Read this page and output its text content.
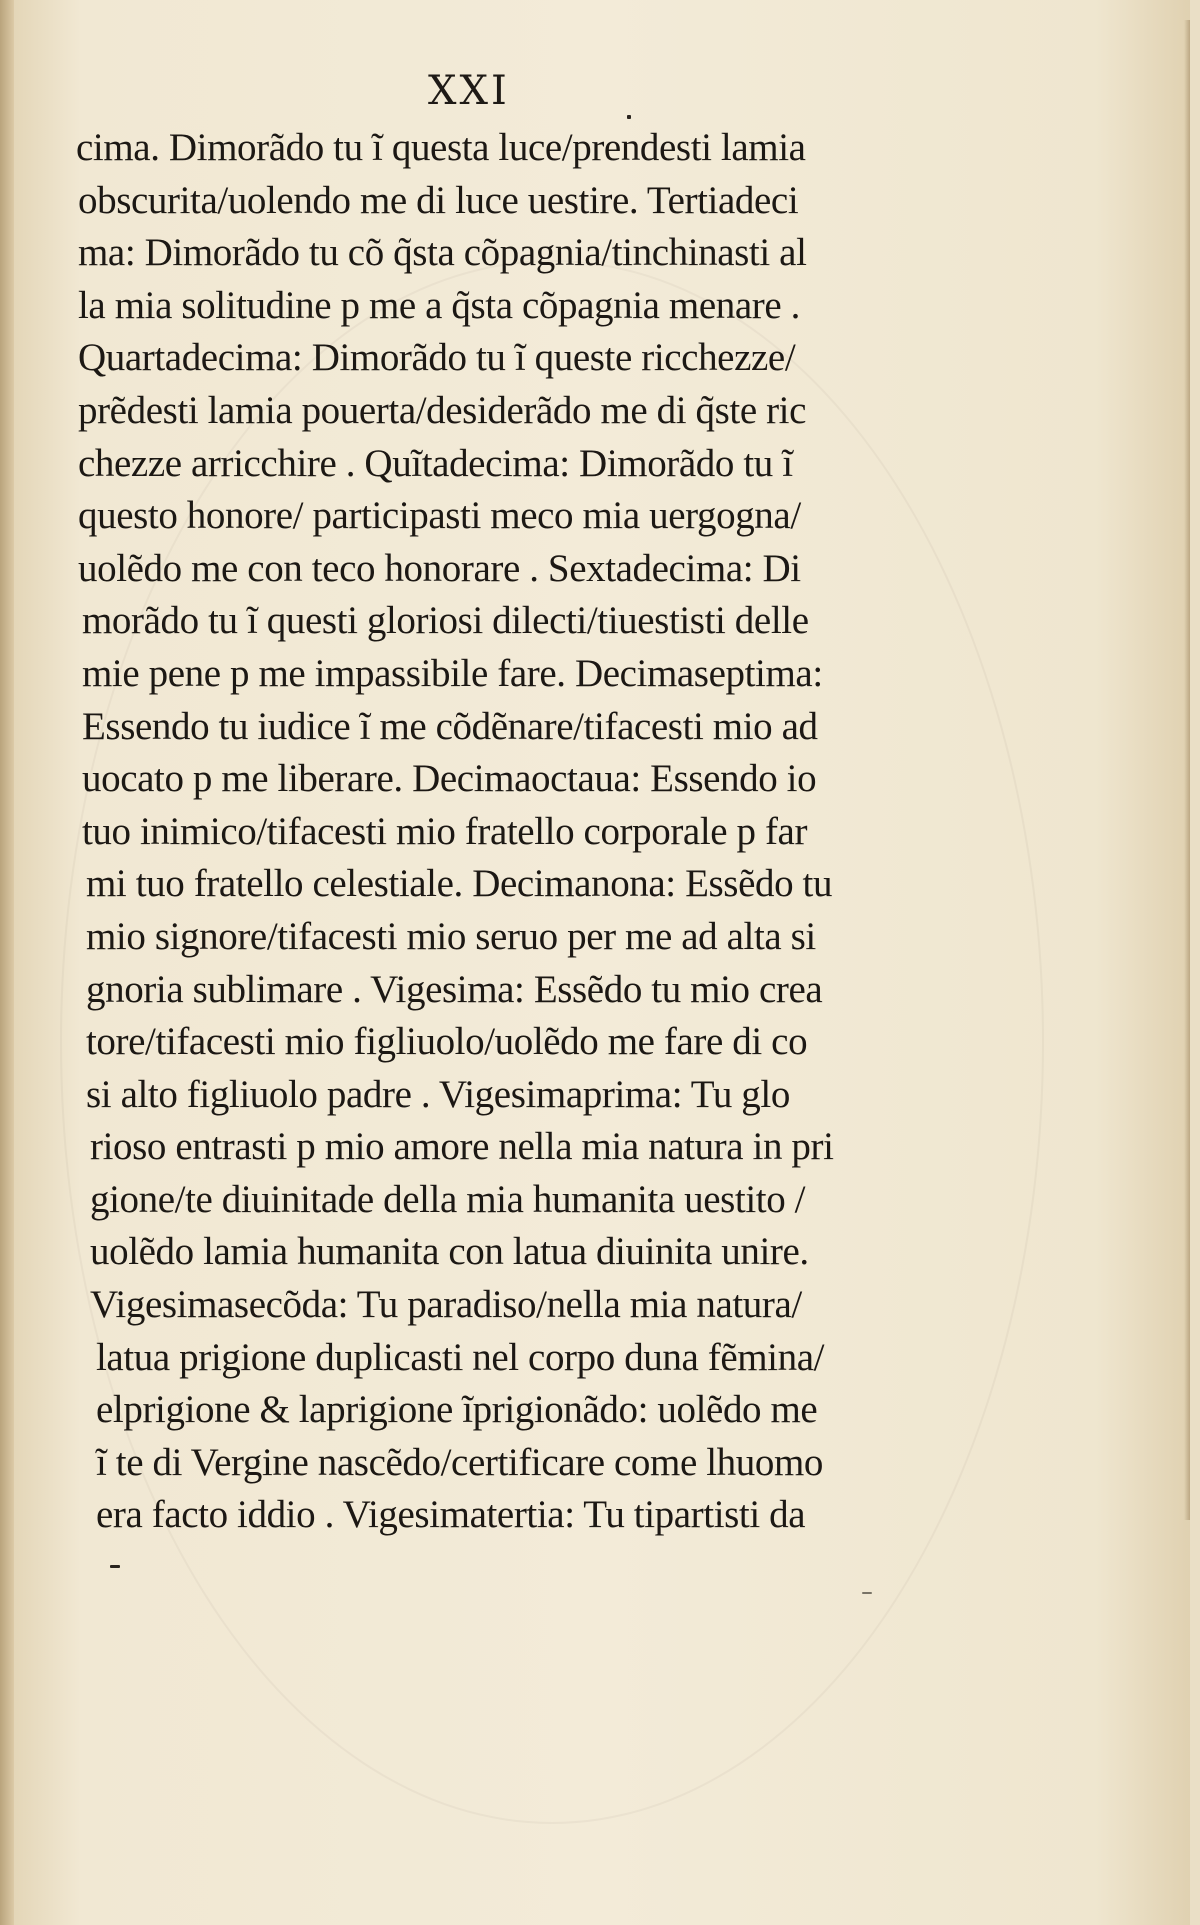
XXI
cima. Dimorãdo tu ĩ questa luce/prendesti lamia
obscurita/uolendo me di luce uestire. Tertiadeci
ma: Dimorãdo tu cõ q̃sta cõpagnia/tinchinasti al
la mia solitudine p me a q̃sta cõpagnia menare .
Quartadecima: Dimorãdo tu ĩ queste ricchezze/
prẽdesti lamia pouerta/desiderãdo me di q̃ste ric
chezze arricchire . Quĩtadecima: Dimorãdo tu ĩ
questo honore/ participasti meco mia uergogna/
uolẽdo me con teco honorare . Sextadecima: Di
morãdo tu ĩ questi gloriosi dilecti/tiuestisti delle
mie pene p me impassibile fare. Decimaseptima:
Essendo tu iudice ĩ me cõdẽnare/tifacesti mio ad
uocato p me liberare. Decimaoctaua: Essendo io
tuo inimico/tifacesti mio fratello corporale p far
mi tuo fratello celestiale. Decimanona: Essẽdo tu
mio signore/tifacesti mio seruo per me ad alta si
gnoria sublimare . Vigesima: Essẽdo tu mio crea
tore/tifacesti mio figliuolo/uolẽdo me fare di co
si alto figliuolo padre . Vigesimaprima: Tu glo
rioso entrasti p mio amore nella mia natura in pri
gione/te diuinitade della mia humanita uestito /
uolẽdo lamia humanita con latua diuinita unire.
Vigesimasecõda: Tu paradiso/nella mia natura/
latua prigione duplicasti nel corpo duna fẽmina/
elprigione & laprigione ĩprigionãdo: uolẽdo me
ĩ te di Vergine nascẽdo/certificare come lhuomo
era facto iddio . Vigesimatertia: Tu tipartisti da
